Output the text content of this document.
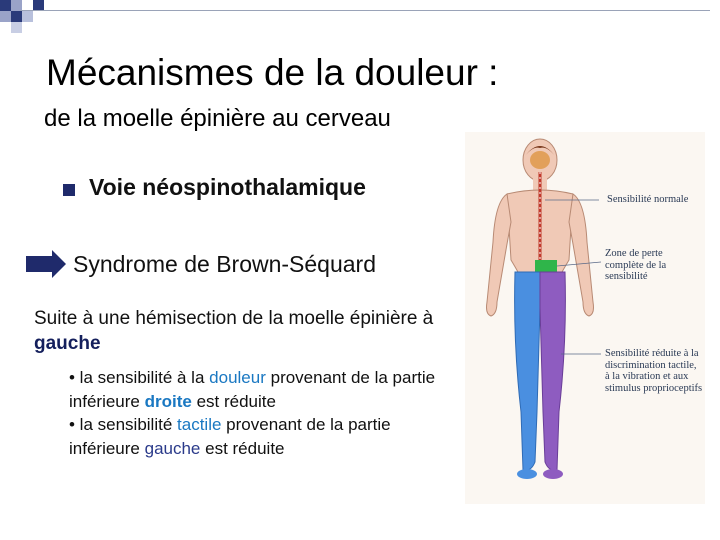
Mécanismes de la douleur :
de la moelle épinière au cerveau
Voie néospinothalamique
Syndrome de Brown-Séquard
Suite à une hémisection de la moelle épinière à gauche
• la sensibilité à la douleur provenant de la partie inférieure droite est réduite
• la sensibilité tactile provenant de la partie inférieure gauche est réduite
Sensibilité normale
Zone de perte complète de la sensibilité
Sensibilité réduite à la discrimination tactile, à la vibration et aux stimulus proprioceptifs
